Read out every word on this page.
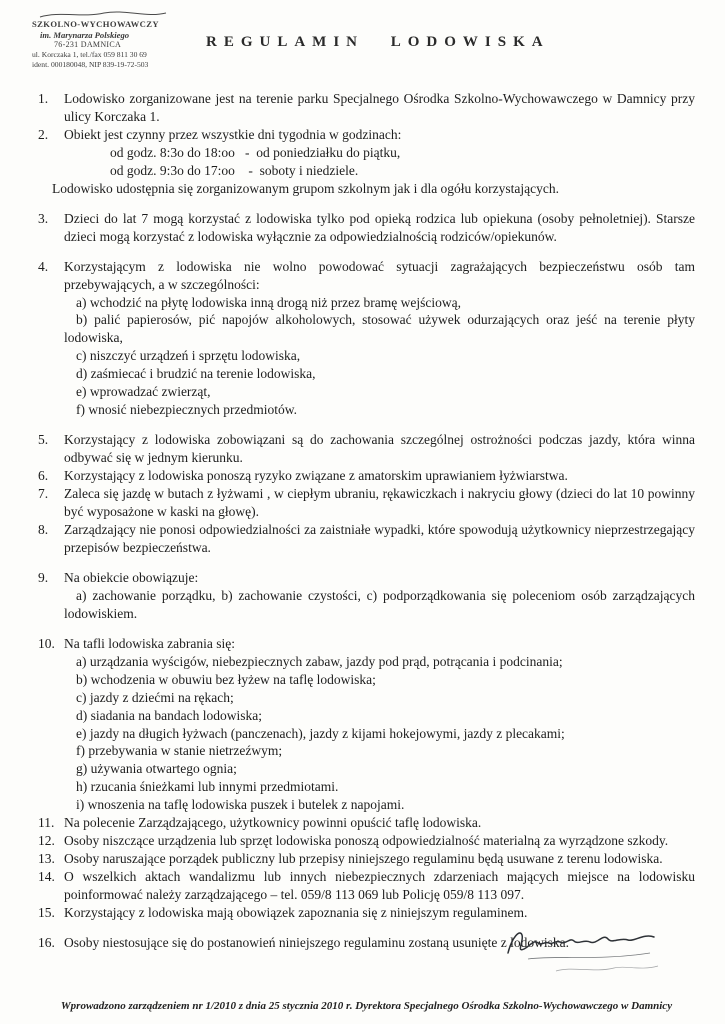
SZKOLNO-WYCHOWAWCZY
im. Marynarza Polskiego
76-231 DAMNICA
ul. Korczaka 1, tel./fax 059 811 30 69
ident. 000180048, NIP 839-19-72-503
REGULAMIN LODOWISKA
1.	Lodowisko zorganizowane jest na terenie parku Specjalnego Ośrodka Szkolno-Wychowawczego w Damnicy przy ulicy Korczaka 1.

2.	Obiekt jest czynny przez wszystkie dni tygodnia w godzinach:

od godz. 8:3o do 18:oo   -  od poniedziałku do piątku,

od godz. 9:3o do 17:oo    -  soboty i niedziele.

Lodowisko udostępnia się zorganizowanym grupom szkolnym jak i dla ogółu korzystających.

3.	Dzieci do lat 7 mogą korzystać z lodowiska tylko pod opieką rodzica lub opiekuna (osoby pełnoletniej). Starsze dzieci mogą korzystać z lodowiska wyłącznie za odpowiedzialnością rodziców/opiekunów.

4.	Korzystającym z lodowiska nie wolno powodować sytuacji zagrażających bezpieczeństwu osób tam przebywających, a w szczególności:

a) wchodzić na płytę lodowiska inną drogą niż przez bramę wejściową,

b) palić papierosów, pić napojów alkoholowych, stosować używek odurzających oraz jeść na terenie płyty lodowiska,

c) niszczyć urządzeń i sprzętu lodowiska,

d) zaśmiecać i brudzić na terenie lodowiska,

e) wprowadzać zwierząt,

f) wnosić niebezpiecznych przedmiotów.

5.	Korzystający z lodowiska zobowiązani są do zachowania szczególnej ostrożności podczas jazdy, która winna odbywać się w jednym kierunku.

6.	Korzystający z lodowiska ponoszą ryzyko związane z amatorskim uprawianiem łyżwiarstwa.

7.	Zaleca się jazdę w butach z łyżwami , w ciepłym ubraniu, rękawiczkach i nakryciu głowy (dzieci do lat 10 powinny być wyposażone w kaski na głowę).

8.	Zarządzający nie ponosi odpowiedzialności za zaistniałe wypadki, które spowodują użytkownicy nieprzestrzegający przepisów bezpieczeństwa.

9.	Na obiekcie obowiązuje:

a) zachowanie porządku, b) zachowanie czystości, c) podporządkowania się poleceniom osób zarządzających lodowiskiem.

10. Na tafli lodowiska zabrania się:

a) urządzania wyścigów, niebezpiecznych zabaw, jazdy pod prąd, potrącania i podcinania;

b) wchodzenia w obuwiu bez łyżew na taflę lodowiska;

c) jazdy z dziećmi na rękach;

d) siadania na bandach lodowiska;

e) jazdy na długich łyżwach (panczenach), jazdy z kijami hokejowymi, jazdy z plecakami;

f) przebywania w stanie nietrzeźwym;

g) używania otwartego ognia;

h) rzucania śnieżkami lub innymi przedmiotami.

i) wnoszenia na taflę lodowiska puszek i butelek z napojami.

11. Na polecenie Zarządzającego, użytkownicy powinni opuścić taflę lodowiska.

12. Osoby niszczące urządzenia lub sprzęt lodowiska ponoszą odpowiedzialność materialną za wyrządzone szkody.

13. Osoby naruszające porządek publiczny lub przepisy niniejszego regulaminu będą usuwane z terenu lodowiska.

14. O wszelkich aktach wandalizmu lub innych niebezpiecznych zdarzeniach mających miejsce na lodowisku poinformować należy zarządzającego – tel. 059/8 113 069 lub Policję 059/8 113 097.

15. Korzystający z lodowiska mają obowiązek zapoznania się z niniejszym regulaminem.

16. Osoby niestosujące się do postanowień niniejszego regulaminu zostaną usunięte z lodowiska.

Wprowadzono zarządzeniem nr 1/2010 z dnia 25 stycznia 2010 r. Dyrektora Specjalnego Ośrodka Szkolno-Wychowawczego w Damnicy
